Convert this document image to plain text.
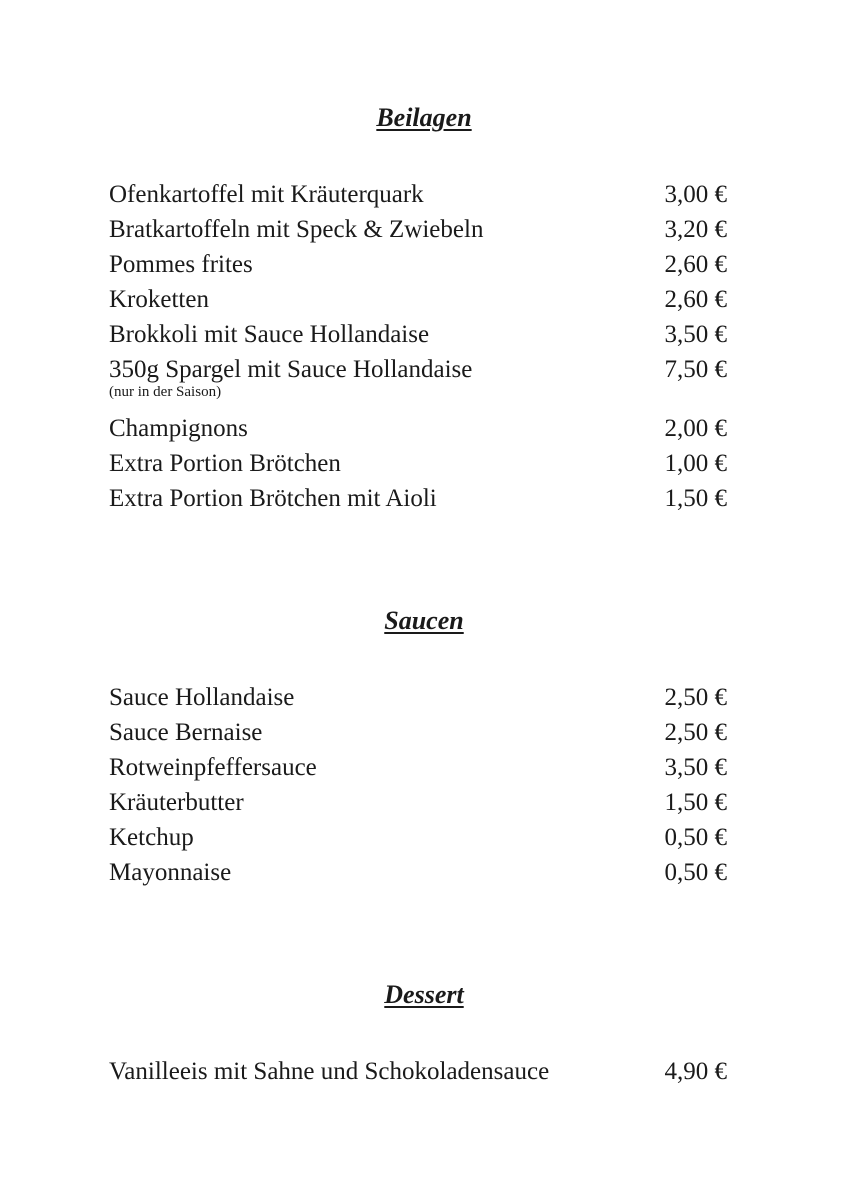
Beilagen
Ofenkartoffel mit Kräuterquark	3,00 €
Bratkartoffeln mit Speck & Zwiebeln	3,20 €
Pommes frites	2,60 €
Kroketten	2,60 €
Brokkoli mit Sauce Hollandaise	3,50 €
350g Spargel mit Sauce Hollandaise	7,50 €
(nur in der Saison)
Champignons	2,00 €
Extra Portion Brötchen	1,00 €
Extra Portion Brötchen mit Aioli	1,50 €
Saucen
Sauce Hollandaise	2,50 €
Sauce Bernaise	2,50 €
Rotweinpfeffersauce	3,50 €
Kräuterbutter	1,50 €
Ketchup	0,50 €
Mayonnaise	0,50 €
Dessert
Vanilleeis mit Sahne und Schokoladensauce	4,90 €
